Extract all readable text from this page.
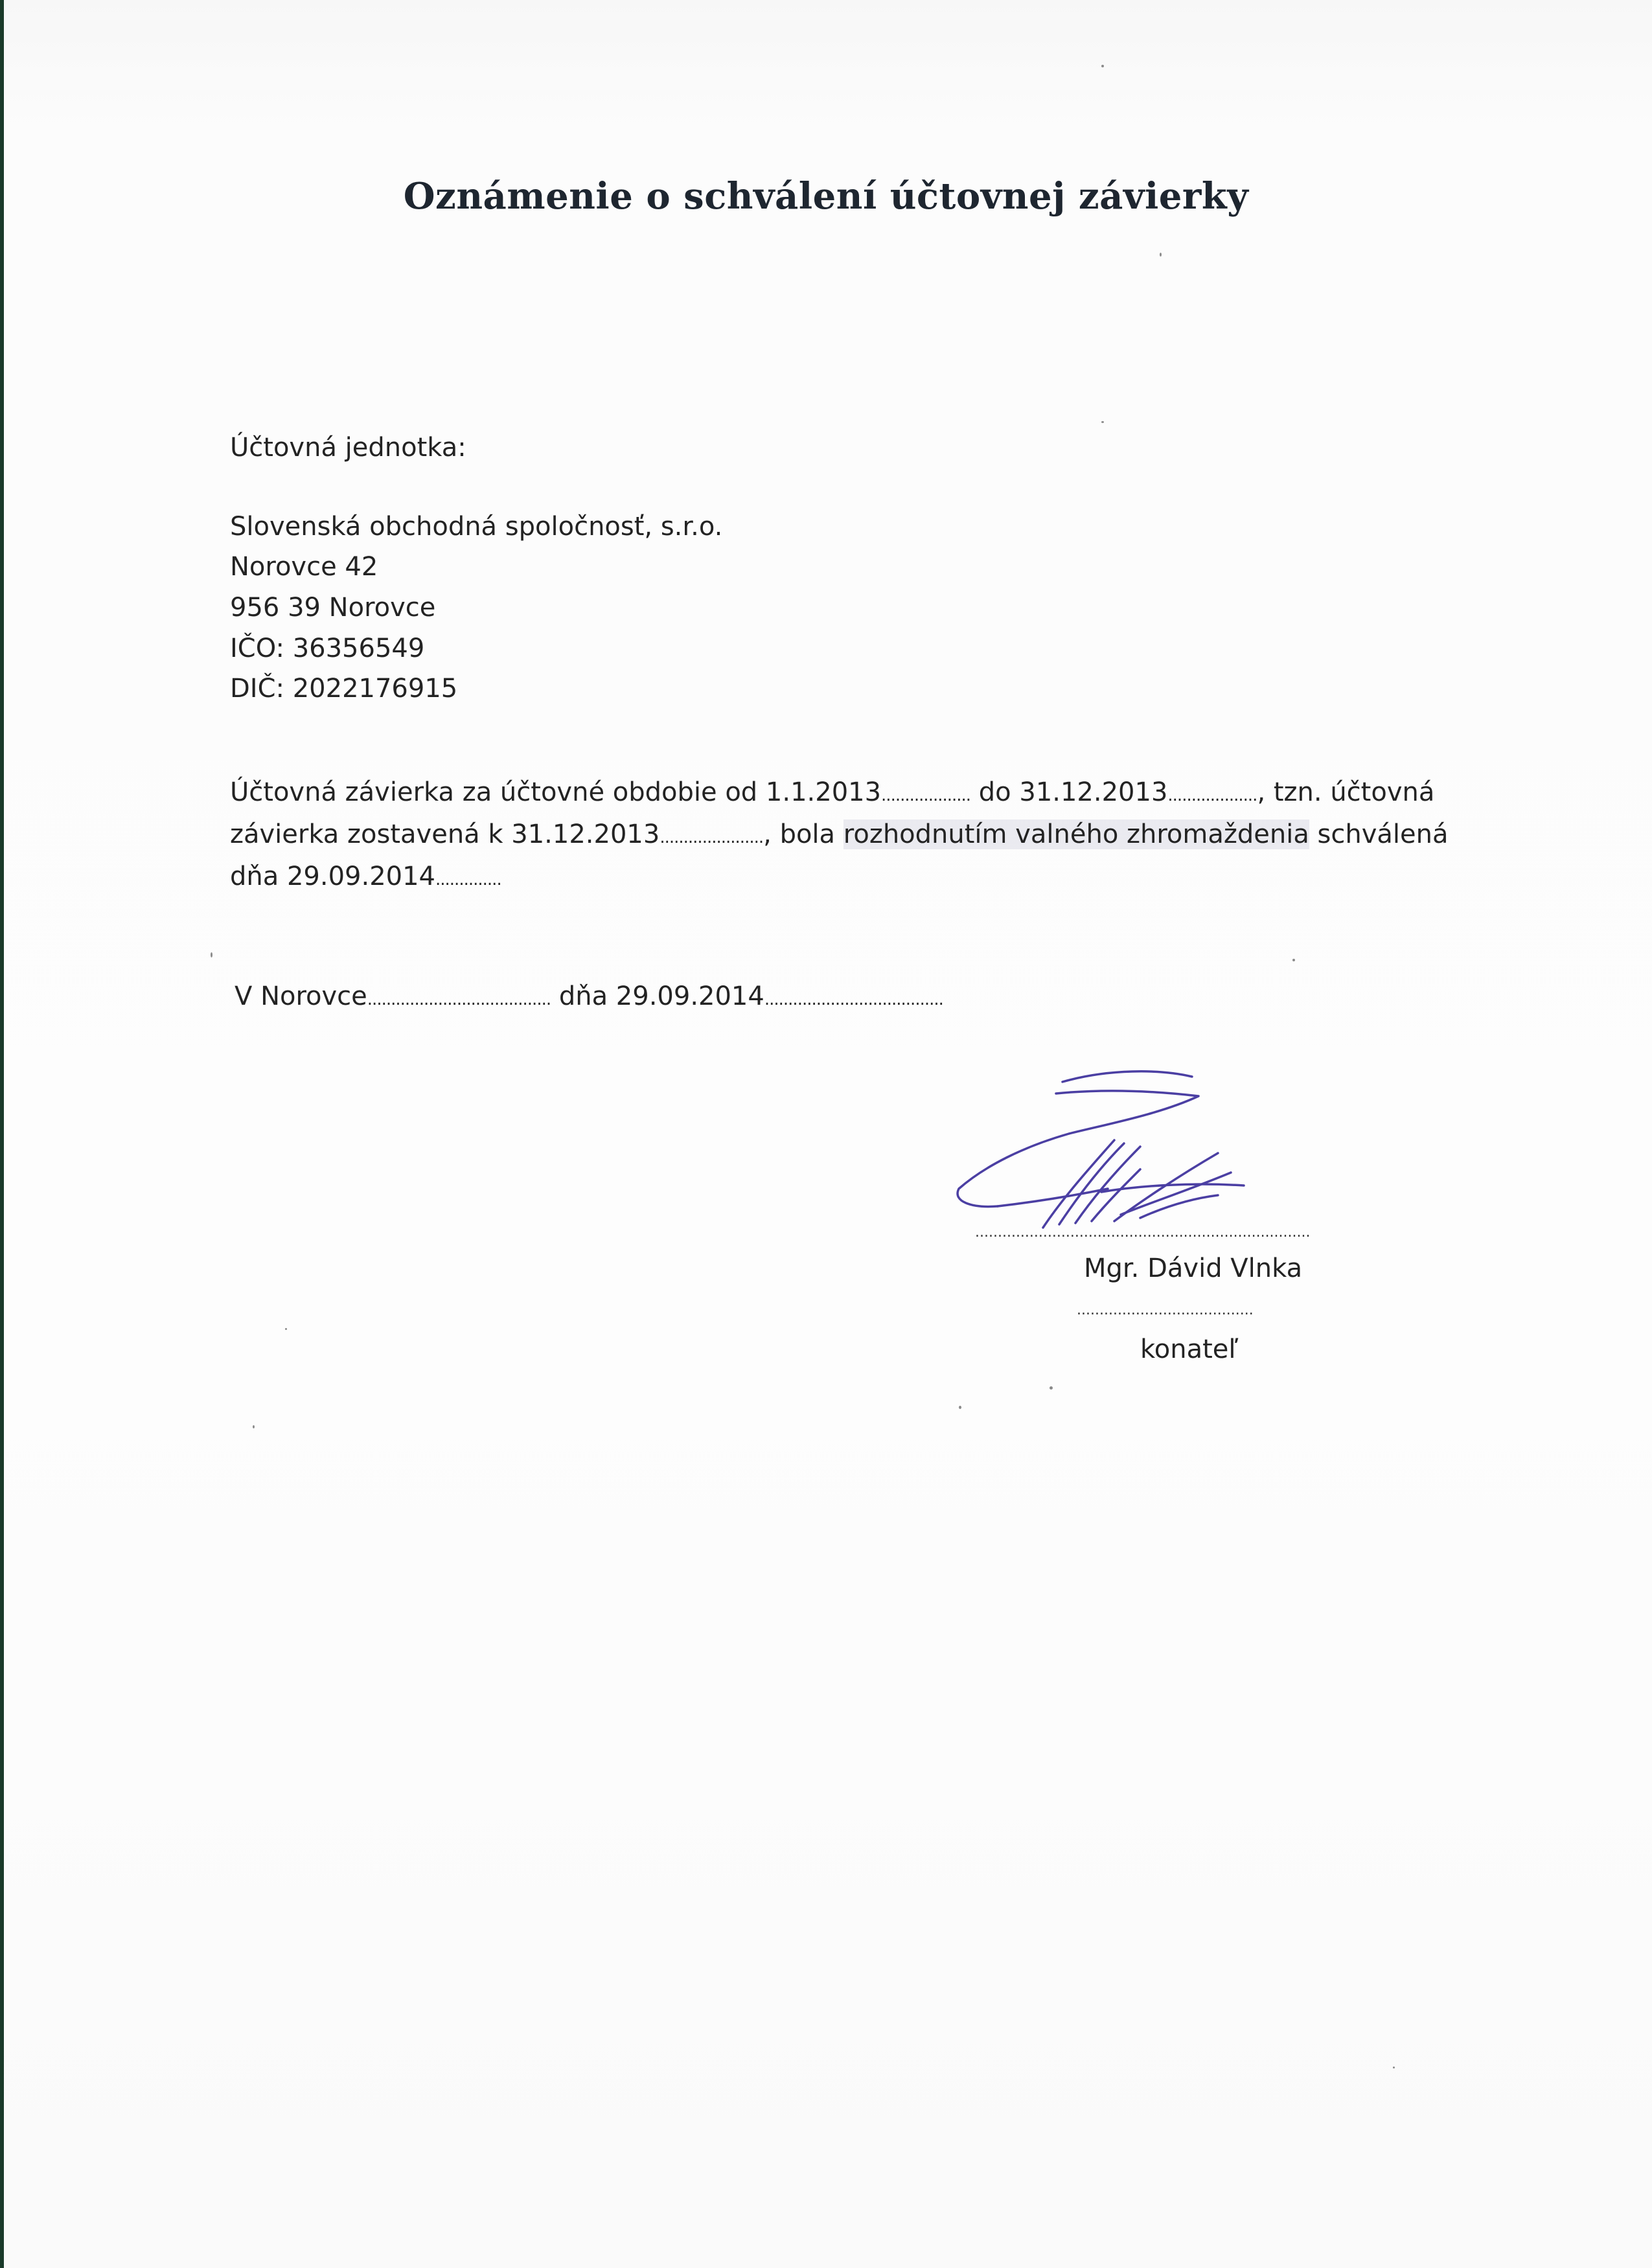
Oznámenie o schválení účtovnej závierky
Účtovná jednotka:
Slovenská obchodná spoločnosť, s.r.o.
Norovce 42
956 39 Norovce
IČO: 36356549
DIČ: 2022176915
Účtovná závierka za účtovné obdobie od 1.1.2013................... do 31.12.2013..................., tzn. účtovná
závierka zostavená k 31.12.2013......................, bola rozhodnutím valného zhromaždenia schválená
dňa 29.09.2014..............
V Norovce....................................... dňa 29.09.2014......................................
..........................................................................
Mgr. Dávid Vlnka
.......................................
konateľ
